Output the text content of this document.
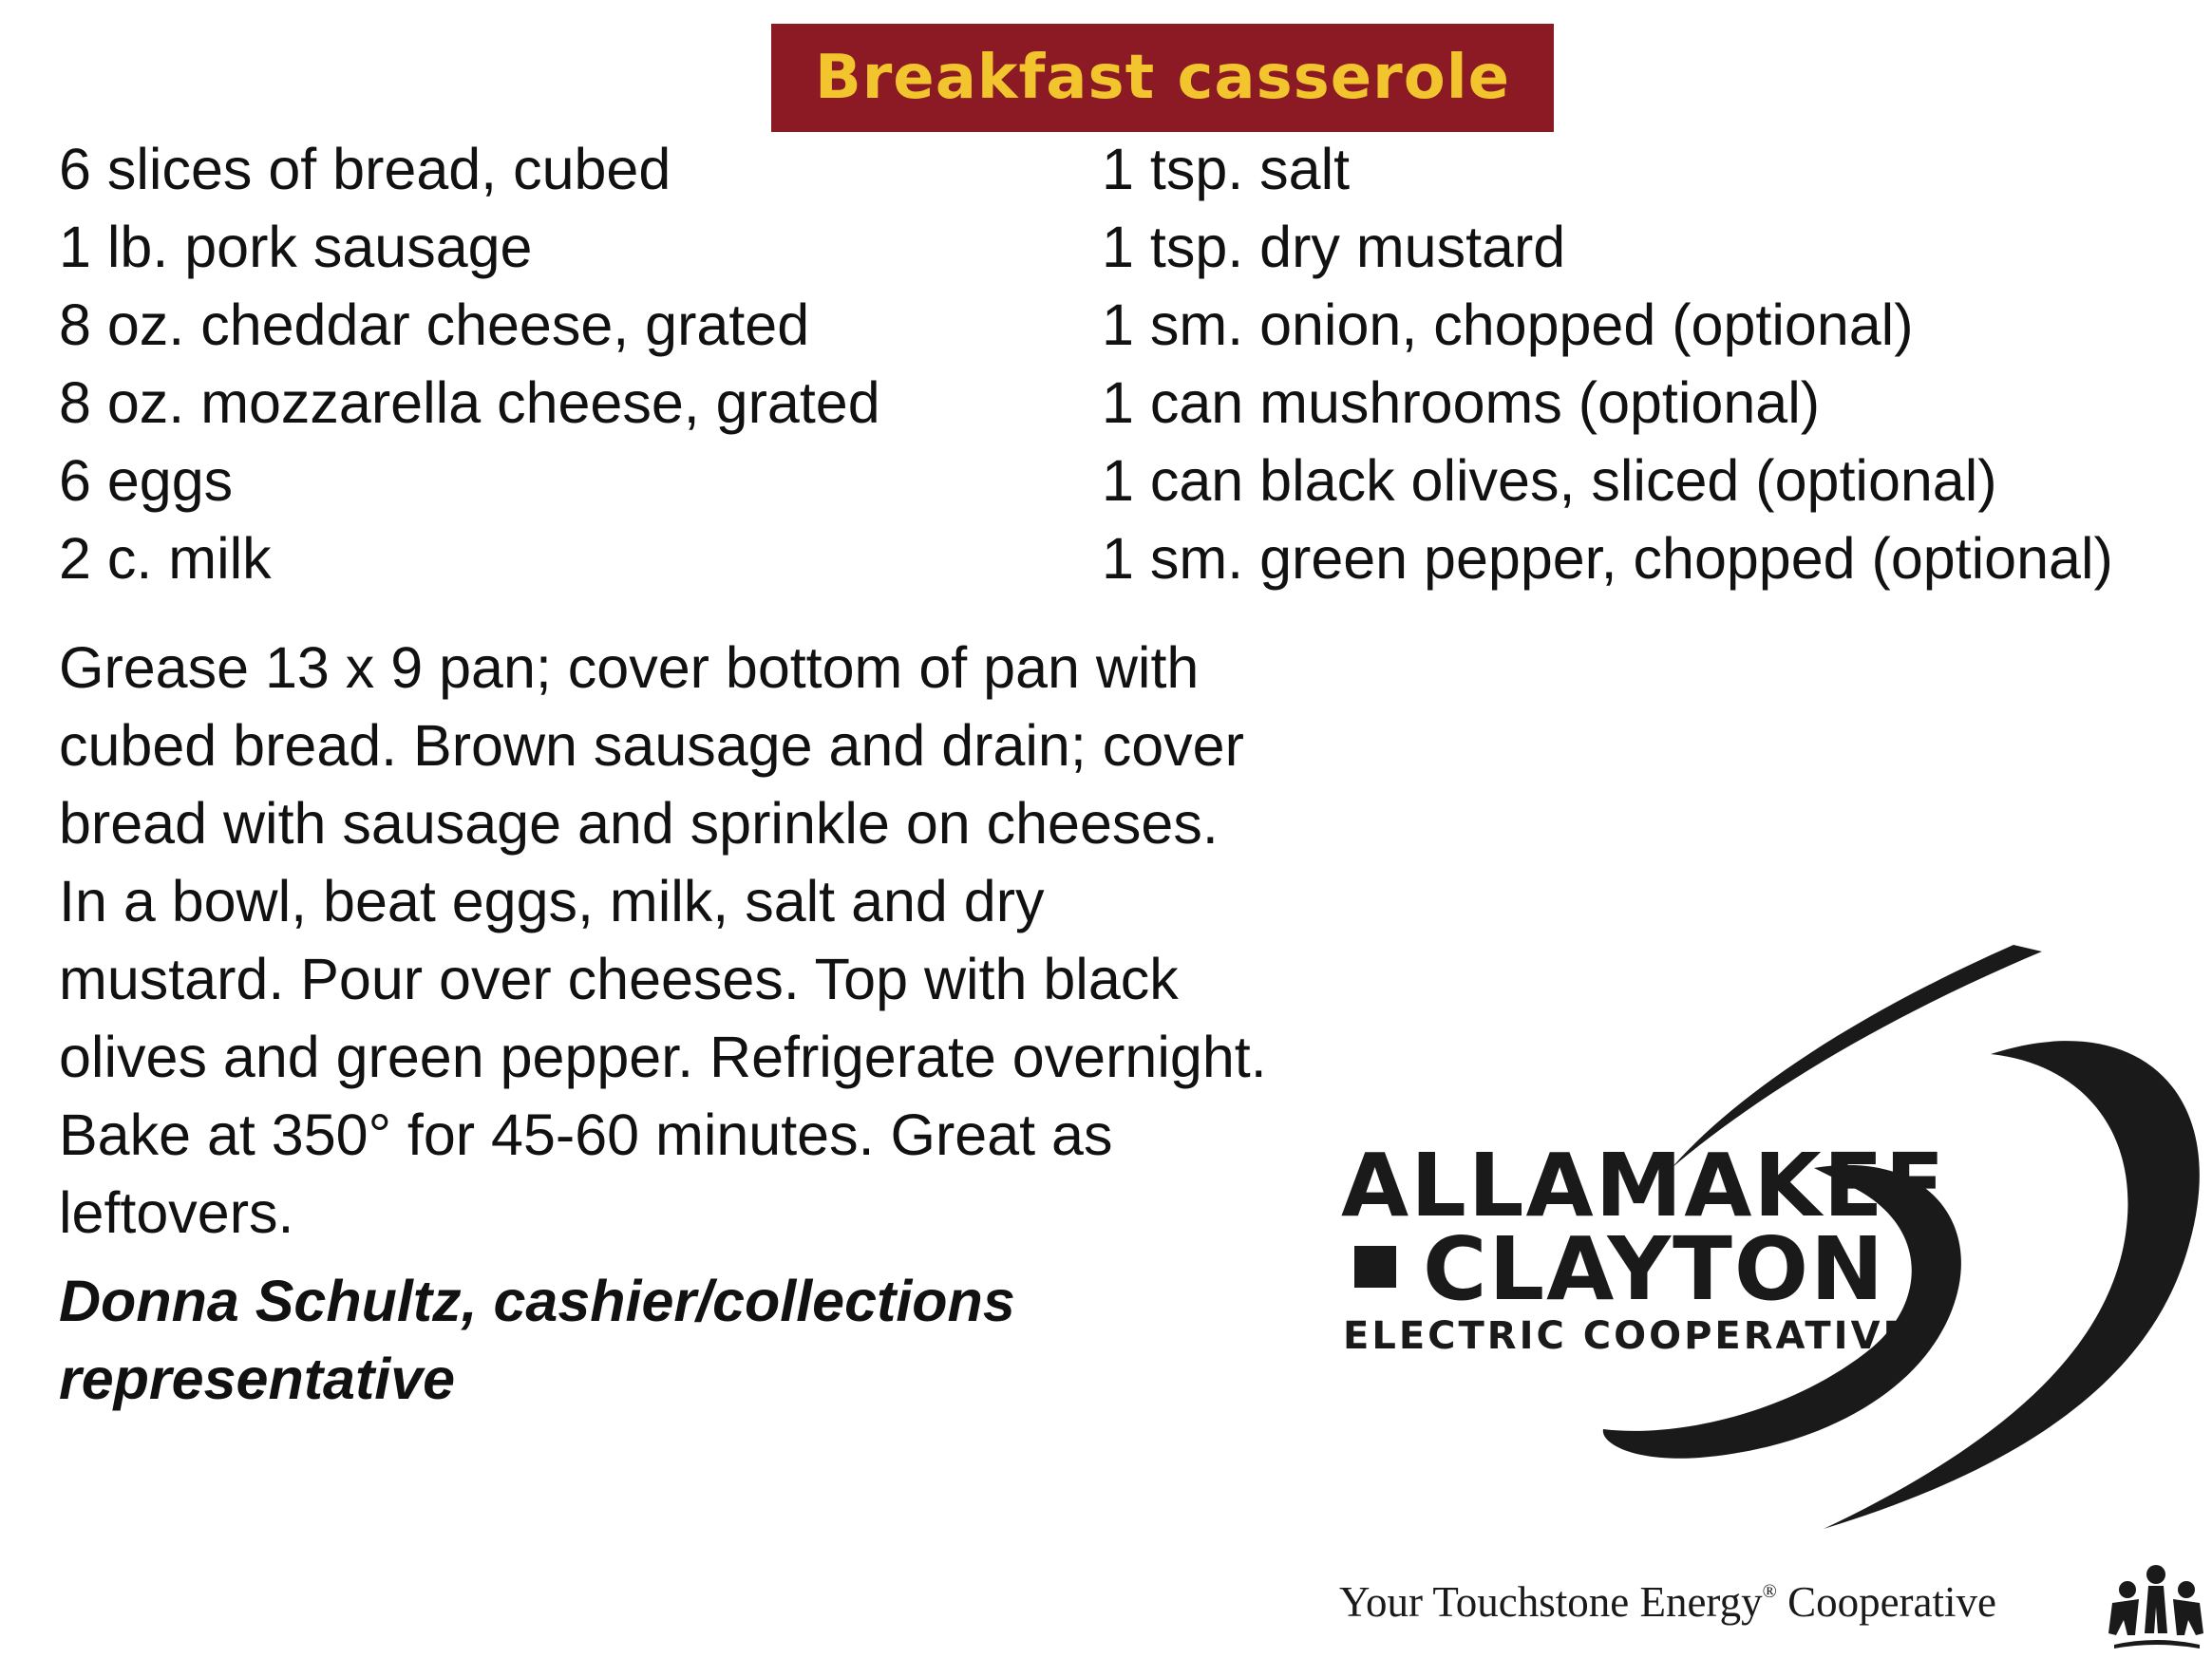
Breakfast casserole
6 slices of bread, cubed
1 lb. pork sausage
8 oz. cheddar cheese, grated
8 oz. mozzarella cheese, grated
6 eggs
2 c. milk
1 tsp. salt
1 tsp. dry mustard
1 sm. onion, chopped (optional)
1 can mushrooms (optional)
1 can black olives, sliced (optional)
1 sm. green pepper, chopped (optional)

Grease 13 x 9 pan; cover bottom of pan with cubed bread. Brown sausage and drain; cover bread with sausage and sprinkle on cheeses. In a bowl, beat eggs, milk, salt and dry mustard. Pour over cheeses. Top with black olives and green pepper. Refrigerate overnight. Bake at 350° for 45-60 minutes. Great as leftovers.

Donna Schultz, cashier/collections representative

ALLAMAKEE
CLAYTON
ELECTRIC COOPERATIVE
Your Touchstone Energy® Cooperative
